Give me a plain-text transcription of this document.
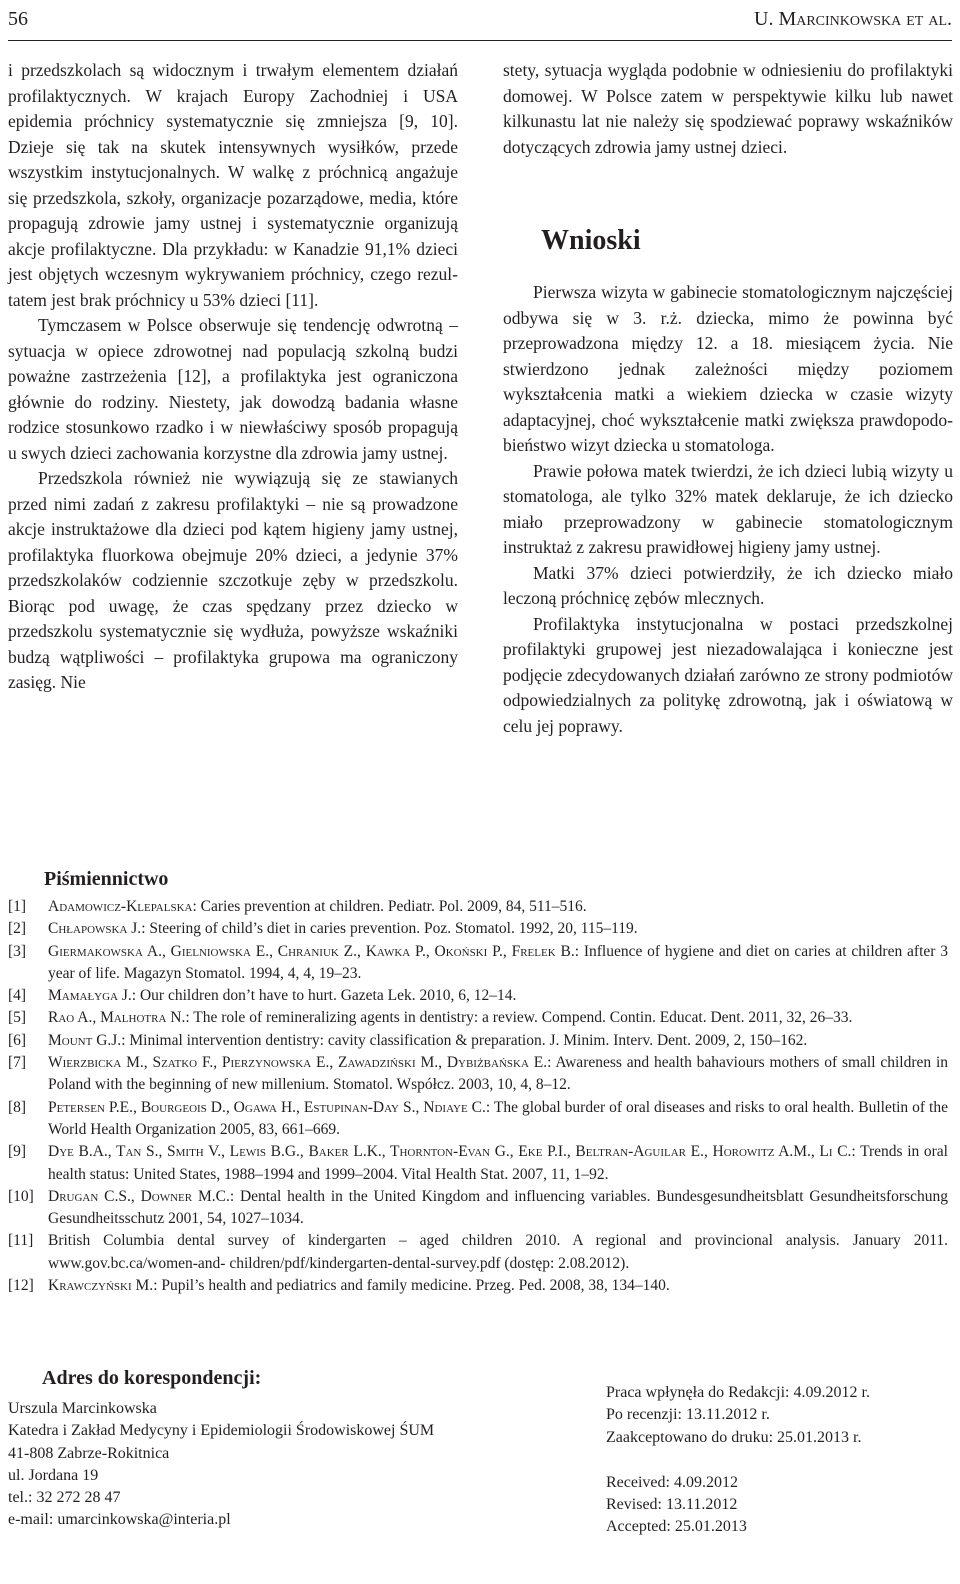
56	U. Marcinkowska et al.

i przedszkolach są widocznym i trwałym elementem działań profilaktycznych. W krajach Europy Zachodniej i USA epidemia próchnicy systematycznie się zmniejsza [9, 10]. Dzieje się tak na skutek intensywnych wysiłków, przede wszystkim instytucjonalnych. W walkę z próchnicą angażuje się przedszkola, szkoły, organizacje pozarządowe, media, które propagują zdrowie jamy ustnej i systematycznie organizują akcje profilaktyczne. Dla przykładu: w Kanadzie 91,1% dzieci jest objętych wczesnym wykrywaniem próchnicy, czego rezultatem jest brak próchnicy u 53% dzieci [11].

Tymczasem w Polsce obserwuje się tendencję odwrotną – sytuacja w opiece zdrowotnej nad populacją szkolną budzi poważne zastrzeżenia [12], a profilaktyka jest ograniczona głównie do rodziny. Niestety, jak dowodzą badania własne rodzice stosunkowo rzadko i w niewłaściwy sposób propagują u swych dzieci zachowania korzystne dla zdrowia jamy ustnej.

Przedszkola również nie wywiązują się ze stawianych przed nimi zadań z zakresu profilaktyki – nie są prowadzone akcje instruktażowe dla dzieci pod kątem higieny jamy ustnej, profilaktyka fluorkowa obejmuje 20% dzieci, a jedynie 37% przedszkolaków codziennie szczotkuje zęby w przedszkolu. Biorąc pod uwagę, że czas spędzany przez dziecko w przedszkolu systematycznie się wydłuża, powyższe wskaźniki budzą wątpliwości – profilaktyka grupowa ma ograniczony zasięg. Nie

stety, sytuacja wygląda podobnie w odniesieniu do profilaktyki domowej. W Polsce zatem w perspektywie kilku lub nawet kilkunastu lat nie należy się spodziewać poprawy wskaźników dotyczących zdrowia jamy ustnej dzieci.

Wnioski

Pierwsza wizyta w gabinecie stomatologicznym najczęściej odbywa się w 3. r.ż. dziecka, mimo że powinna być przeprowadzona między 12. a 18. miesiącem życia. Nie stwierdzono jednak zależności między poziomem wykształcenia matki a wiekiem dziecka w czasie wizyty adaptacyjnej, choć wykształcenie matki zwiększa prawdopodobieństwo wizyt dziecka u stomatologa.

Prawie połowa matek twierdzi, że ich dzieci lubią wizyty u stomatologa, ale tylko 32% matek deklaruje, że ich dziecko miało przeprowadzony w gabinecie stomatologicznym instruktaż z zakresu prawidłowej higieny jamy ustnej.

Matki 37% dzieci potwierdziły, że ich dziecko miało leczoną próchnicę zębów mlecznych.

Profilaktyka instytucjonalna w postaci przedszkolnej profilaktyki grupowej jest niezadowalająca i konieczne jest podjęcie zdecydowanych działań zarówno ze strony podmiotów odpowiedzialnych za politykę zdrowotną, jak i oświatową w celu jej poprawy.

Piśmiennictwo
[1] Adamowicz-Klepalska: Caries prevention at children. Pediatr. Pol. 2009, 84, 511–516.
[2] Chłapowska J.: Steering of child’s diet in caries prevention. Poz. Stomatol. 1992, 20, 115–119.
[3] Giermakowska A., Gielniowska E., Chraniuk Z., Kawka P., Okoński P., Frelek B.: Influence of hygiene and diet on caries at children after 3 year of life. Magazyn Stomatol. 1994, 4, 4, 19–23.
[4] Mamałyga J.: Our children don’t have to hurt. Gazeta Lek. 2010, 6, 12–14.
[5] Rao A., Malhotra N.: The role of remineralizing agents in dentistry: a review. Compend. Contin. Educat. Dent. 2011, 32, 26–33.
[6] Mount G.J.: Minimal intervention dentistry: cavity classification & preparation. J. Minim. Interv. Dent. 2009, 2, 150–162.
[7] Wierzbicka M., Szatko F., Pierzynowska E., Zawadziński M., Dybiżbańska E.: Awareness and health bahaviours mothers of small children in Poland with the beginning of new millenium. Stomatol. Współcz. 2003, 10, 4, 8–12.
[8] Petersen P.E., Bourgeois D., Ogawa H., Estupinan-Day S., Ndiaye C.: The global burder of oral diseases and risks to oral health. Bulletin of the World Health Organization 2005, 83, 661–669.
[9] Dye B.A., Tan S., Smith V., Lewis B.G., Baker L.K., Thornton-Evan G., Eke P.I., Beltran-Aguilar E., Horowitz A.M., Li C.: Trends in oral health status: United States, 1988–1994 and 1999–2004. Vital Health Stat. 2007, 11, 1–92.
[10] Drugan C.S., Downer M.C.: Dental health in the United Kingdom and influencing variables. Bundesgesundheitsblatt Gesundheitsforschung Gesundheitsschutz 2001, 54, 1027–1034.
[11] British Columbia dental survey of kindergarten – aged children 2010. A regional and provincional analysis. January 2011. www.gov.bc.ca/women-and- children/pdf/kindergarten-dental-survey.pdf (dostęp: 2.08.2012).
[12] Krawczyński M.: Pupil’s health and pediatrics and family medicine. Przeg. Ped. 2008, 38, 134–140.
Adres do korespondencji:
Urszula Marcinkowska
Katedra i Zakład Medycyny i Epidemiologii Środowiskowej ŚUM
41-808 Zabrze-Rokitnica
ul. Jordana 19
tel.: 32 272 28 47
e-mail: umarcinkowska@interia.pl
Praca wpłynęła do Redakcji: 4.09.2012 r.
Po recenzji: 13.11.2012 r.
Zaakceptowano do druku: 25.01.2013 r.
Received: 4.09.2012
Revised: 13.11.2012
Accepted: 25.01.2013
